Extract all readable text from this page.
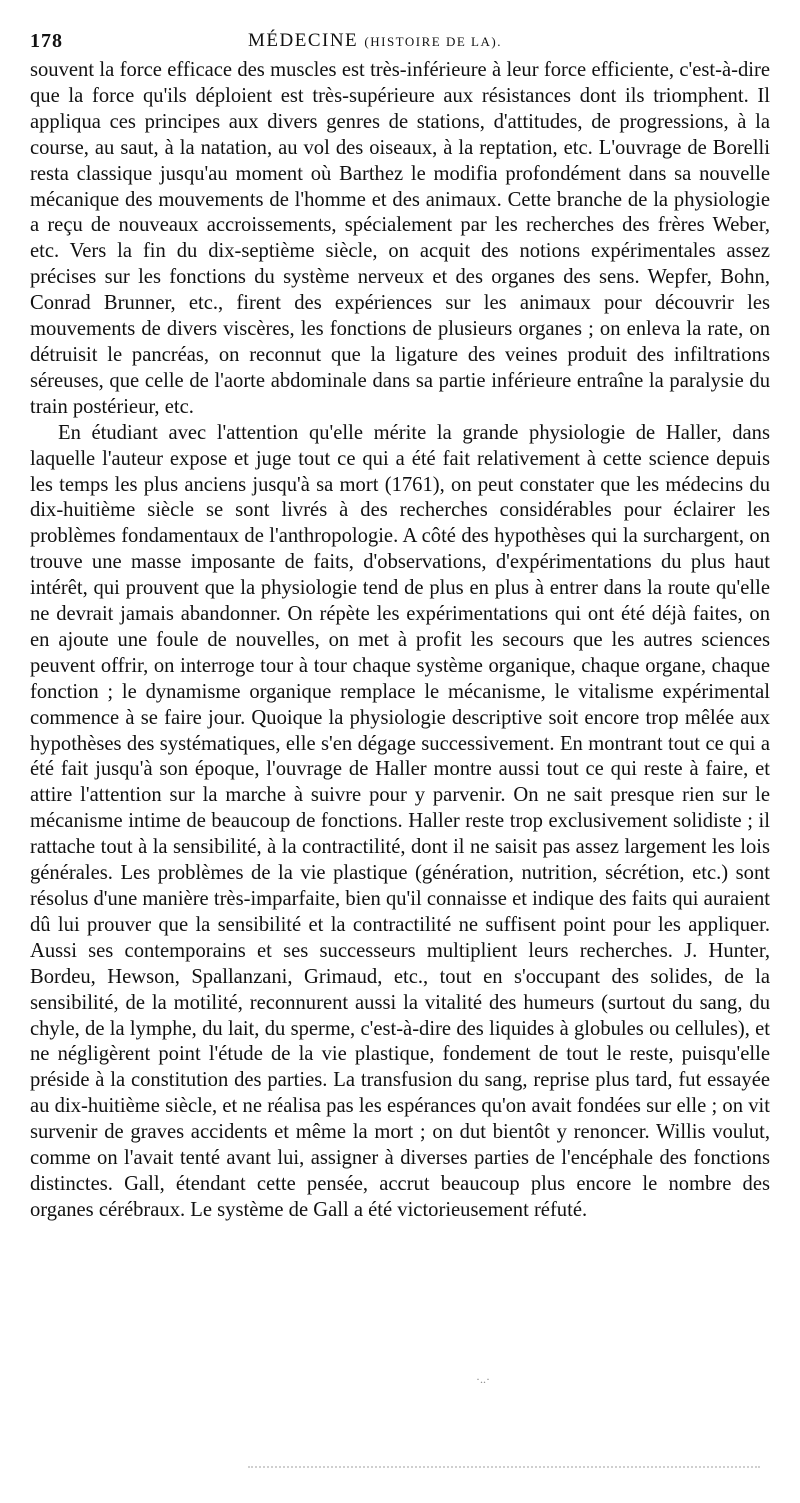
178	MÉDECINE (HISTOIRE DE LA).

souvent la force efficace des muscles est très-inférieure à leur force efficiente, c'est-à-dire que la force qu'ils déploient est très-supérieure aux résistances dont ils triomphent. Il appliqua ces principes aux divers genres de stations, d'attitudes, de progressions, à la course, au saut, à la natation, au vol des oiseaux, à la reptation, etc. L'ouvrage de Borelli resta classique jusqu'au moment où Barthez le modifia profondément dans sa nouvelle mécanique des mouvements de l'homme et des animaux. Cette branche de la physiologie a reçu de nouveaux accroissements, spécialement par les recherches des frères Weber, etc. Vers la fin du dix-septième siècle, on acquit des notions expérimentales assez précises sur les fonctions du système nerveux et des organes des sens. Wepfer, Bohn, Conrad Brunner, etc., firent des expériences sur les animaux pour découvrir les mouvements de divers viscères, les fonctions de plusieurs organes ; on enleva la rate, on détruisit le pancréas, on reconnut que la ligature des veines produit des infiltrations séreuses, que celle de l'aorte abdominale dans sa partie inférieure entraîne la paralysie du train postérieur, etc.

En étudiant avec l'attention qu'elle mérite la grande physiologie de Haller, dans laquelle l'auteur expose et juge tout ce qui a été fait relativement à cette science depuis les temps les plus anciens jusqu'à sa mort (1761), on peut constater que les médecins du dix-huitième siècle se sont livrés à des recherches considérables pour éclairer les problèmes fondamentaux de l'anthropologie. A côté des hypothèses qui la surchargent, on trouve une masse imposante de faits, d'observations, d'expérimentations du plus haut intérêt, qui prouvent que la physiologie tend de plus en plus à entrer dans la route qu'elle ne devrait jamais abandonner. On répète les expérimentations qui ont été déjà faites, on en ajoute une foule de nouvelles, on met à profit les secours que les autres sciences peuvent offrir, on interroge tour à tour chaque système organique, chaque organe, chaque fonction ; le dynamisme organique remplace le mécanisme, le vitalisme expérimental commence à se faire jour. Quoique la physiologie descriptive soit encore trop mêlée aux hypothèses des systématiques, elle s'en dégage successivement. En montrant tout ce qui a été fait jusqu'à son époque, l'ouvrage de Haller montre aussi tout ce qui reste à faire, et attire l'attention sur la marche à suivre pour y parvenir. On ne sait presque rien sur le mécanisme intime de beaucoup de fonctions. Haller reste trop exclusivement solidiste ; il rattache tout à la sensibilité, à la contractilité, dont il ne saisit pas assez largement les lois générales. Les problèmes de la vie plastique (génération, nutrition, sécrétion, etc.) sont résolus d'une manière très-imparfaite, bien qu'il connaisse et indique des faits qui auraient dû lui prouver que la sensibilité et la contractilité ne suffisent point pour les appliquer. Aussi ses contemporains et ses successeurs multiplient leurs recherches. J. Hunter, Bordeu, Hewson, Spallanzani, Grimaud, etc., tout en s'occupant des solides, de la sensibilité, de la motilité, reconnurent aussi la vitalité des humeurs (surtout du sang, du chyle, de la lymphe, du lait, du sperme, c'est-à-dire des liquides à globules ou cellules), et ne négligèrent point l'étude de la vie plastique, fondement de tout le reste, puisqu'elle préside à la constitution des parties. La transfusion du sang, reprise plus tard, fut essayée au dix-huitième siècle, et ne réalisa pas les espérances qu'on avait fondées sur elle ; on vit survenir de graves accidents et même la mort ; on dut bientôt y renoncer. Willis voulut, comme on l'avait tenté avant lui, assigner à diverses parties de l'encéphale des fonctions distinctes. Gall, étendant cette pensée, accrut beaucoup plus encore le nombre des organes cérébraux. Le système de Gall a été victorieusement réfuté.

·..·
